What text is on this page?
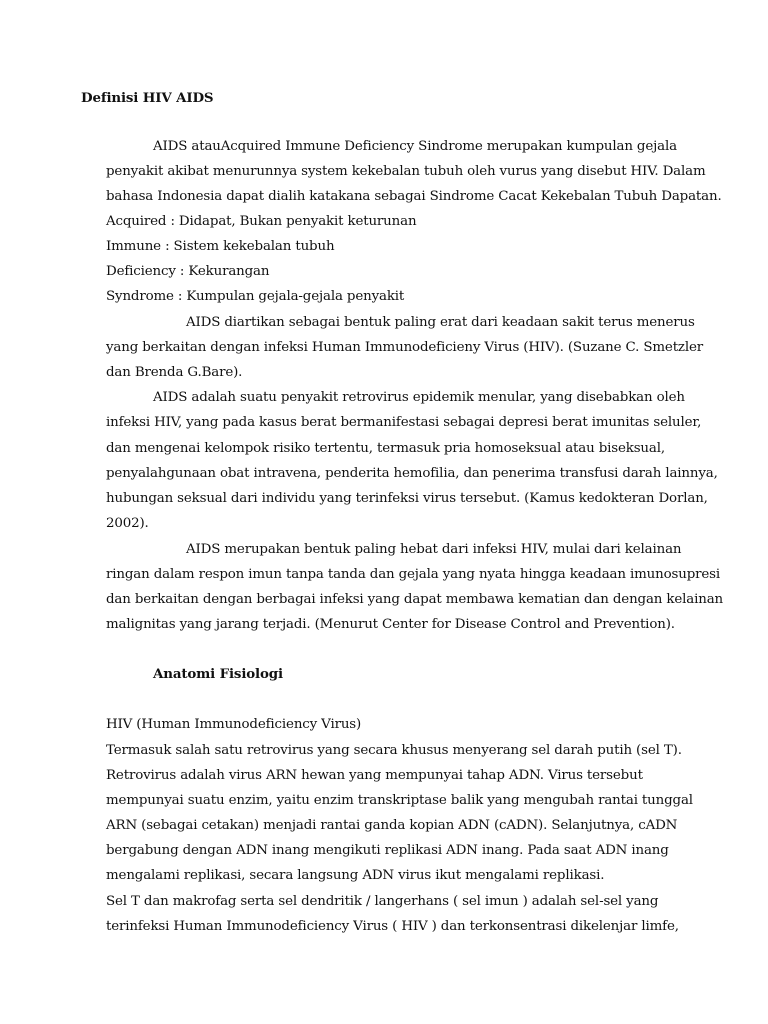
Definisi HIV AIDS
AIDS atauAcquired Immune Deficiency Sindrome merupakan kumpulan gejala
penyakit akibat menurunnya system kekebalan tubuh oleh vurus yang disebut HIV. Dalam
bahasa Indonesia dapat dialih katakana sebagai Sindrome Cacat Kekebalan Tubuh Dapatan.
Acquired : Didapat, Bukan penyakit keturunan
Immune : Sistem kekebalan tubuh
Deficiency : Kekurangan
Syndrome : Kumpulan gejala-gejala penyakit
AIDS diartikan sebagai bentuk paling erat dari keadaan sakit terus menerus
yang berkaitan dengan infeksi Human Immunodeficieny Virus (HIV). (Suzane C. Smetzler
dan Brenda G.Bare).
AIDS adalah suatu penyakit retrovirus epidemik menular, yang disebabkan oleh
infeksi HIV, yang pada kasus berat bermanifestasi sebagai depresi berat imunitas seluler,
dan mengenai kelompok risiko tertentu, termasuk pria homoseksual atau biseksual,
penyalahgunaan obat intravena, penderita hemofilia, dan penerima transfusi darah lainnya,
hubungan seksual dari individu yang terinfeksi virus tersebut. (Kamus kedokteran Dorlan,
2002).
AIDS merupakan bentuk paling hebat dari infeksi HIV, mulai dari kelainan
ringan dalam respon imun tanpa tanda dan gejala yang nyata hingga keadaan imunosupresi
dan berkaitan dengan berbagai infeksi yang dapat membawa kematian dan dengan kelainan
malignitas yang jarang terjadi. (Menurut Center for Disease Control and Prevention).
Anatomi Fisiologi
HIV (Human Immunodeficiency Virus)
Termasuk salah satu retrovirus yang secara khusus menyerang sel darah putih (sel T).
Retrovirus adalah virus ARN hewan yang mempunyai tahap ADN. Virus tersebut
mempunyai suatu enzim, yaitu enzim transkriptase balik yang mengubah rantai tunggal
ARN (sebagai cetakan) menjadi rantai ganda kopian ADN (cADN). Selanjutnya, cADN
bergabung dengan ADN inang mengikuti replikasi ADN inang. Pada saat ADN inang
mengalami replikasi, secara langsung ADN virus ikut mengalami replikasi.
Sel T dan makrofag serta sel dendritik / langerhans ( sel imun ) adalah sel-sel yang
terinfeksi Human Immunodeficiency Virus ( HIV ) dan terkonsentrasi dikelenjar limfe,
